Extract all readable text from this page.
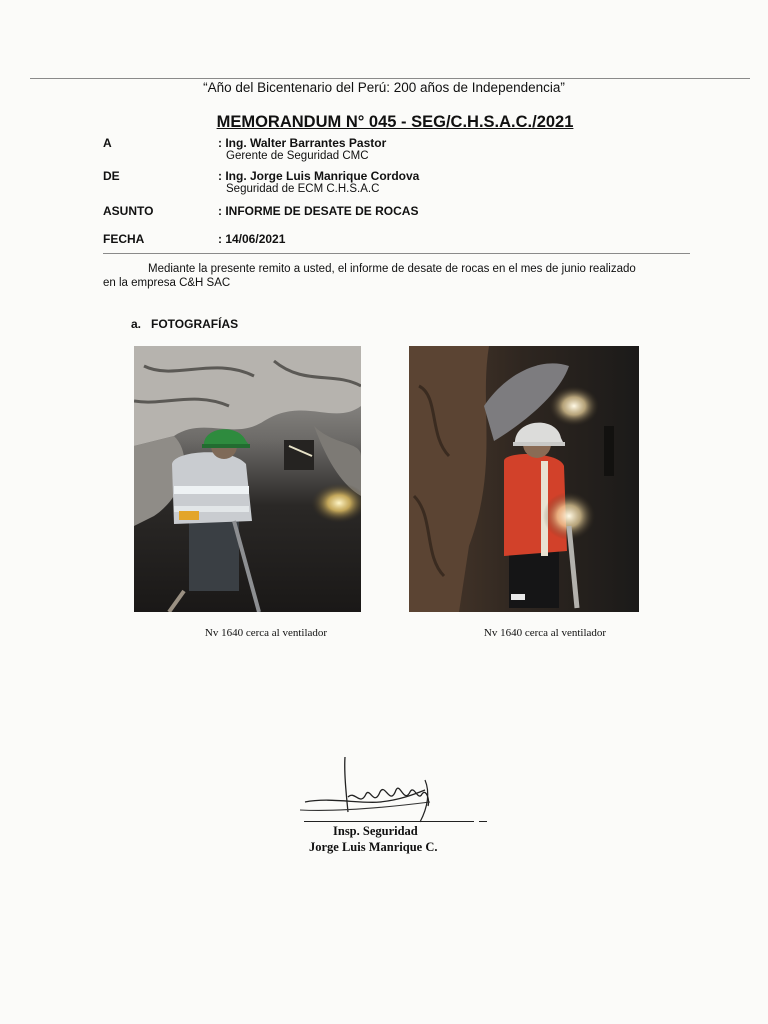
“Año del Bicentenario del Perú: 200 años de Independencia”
MEMORANDUM N° 045 - SEG/C.H.S.A.C./2021
A	: Ing. Walter Barrantes Pastor
Gerente de Seguridad CMC
DE	: Ing. Jorge Luis Manrique Cordova
Seguridad de ECM C.H.S.A.C
ASUNTO	: INFORME DE DESATE DE ROCAS
FECHA	: 14/06/2021
Mediante la presente remito a usted, el informe de desate de rocas en el mes de junio realizado
en la empresa C&H SAC
a.   FOTOGRAFÍAS
Nv 1640 cerca al ventilador	Nv 1640 cerca al ventilador
Insp. Seguridad
Jorge Luis Manrique C.
